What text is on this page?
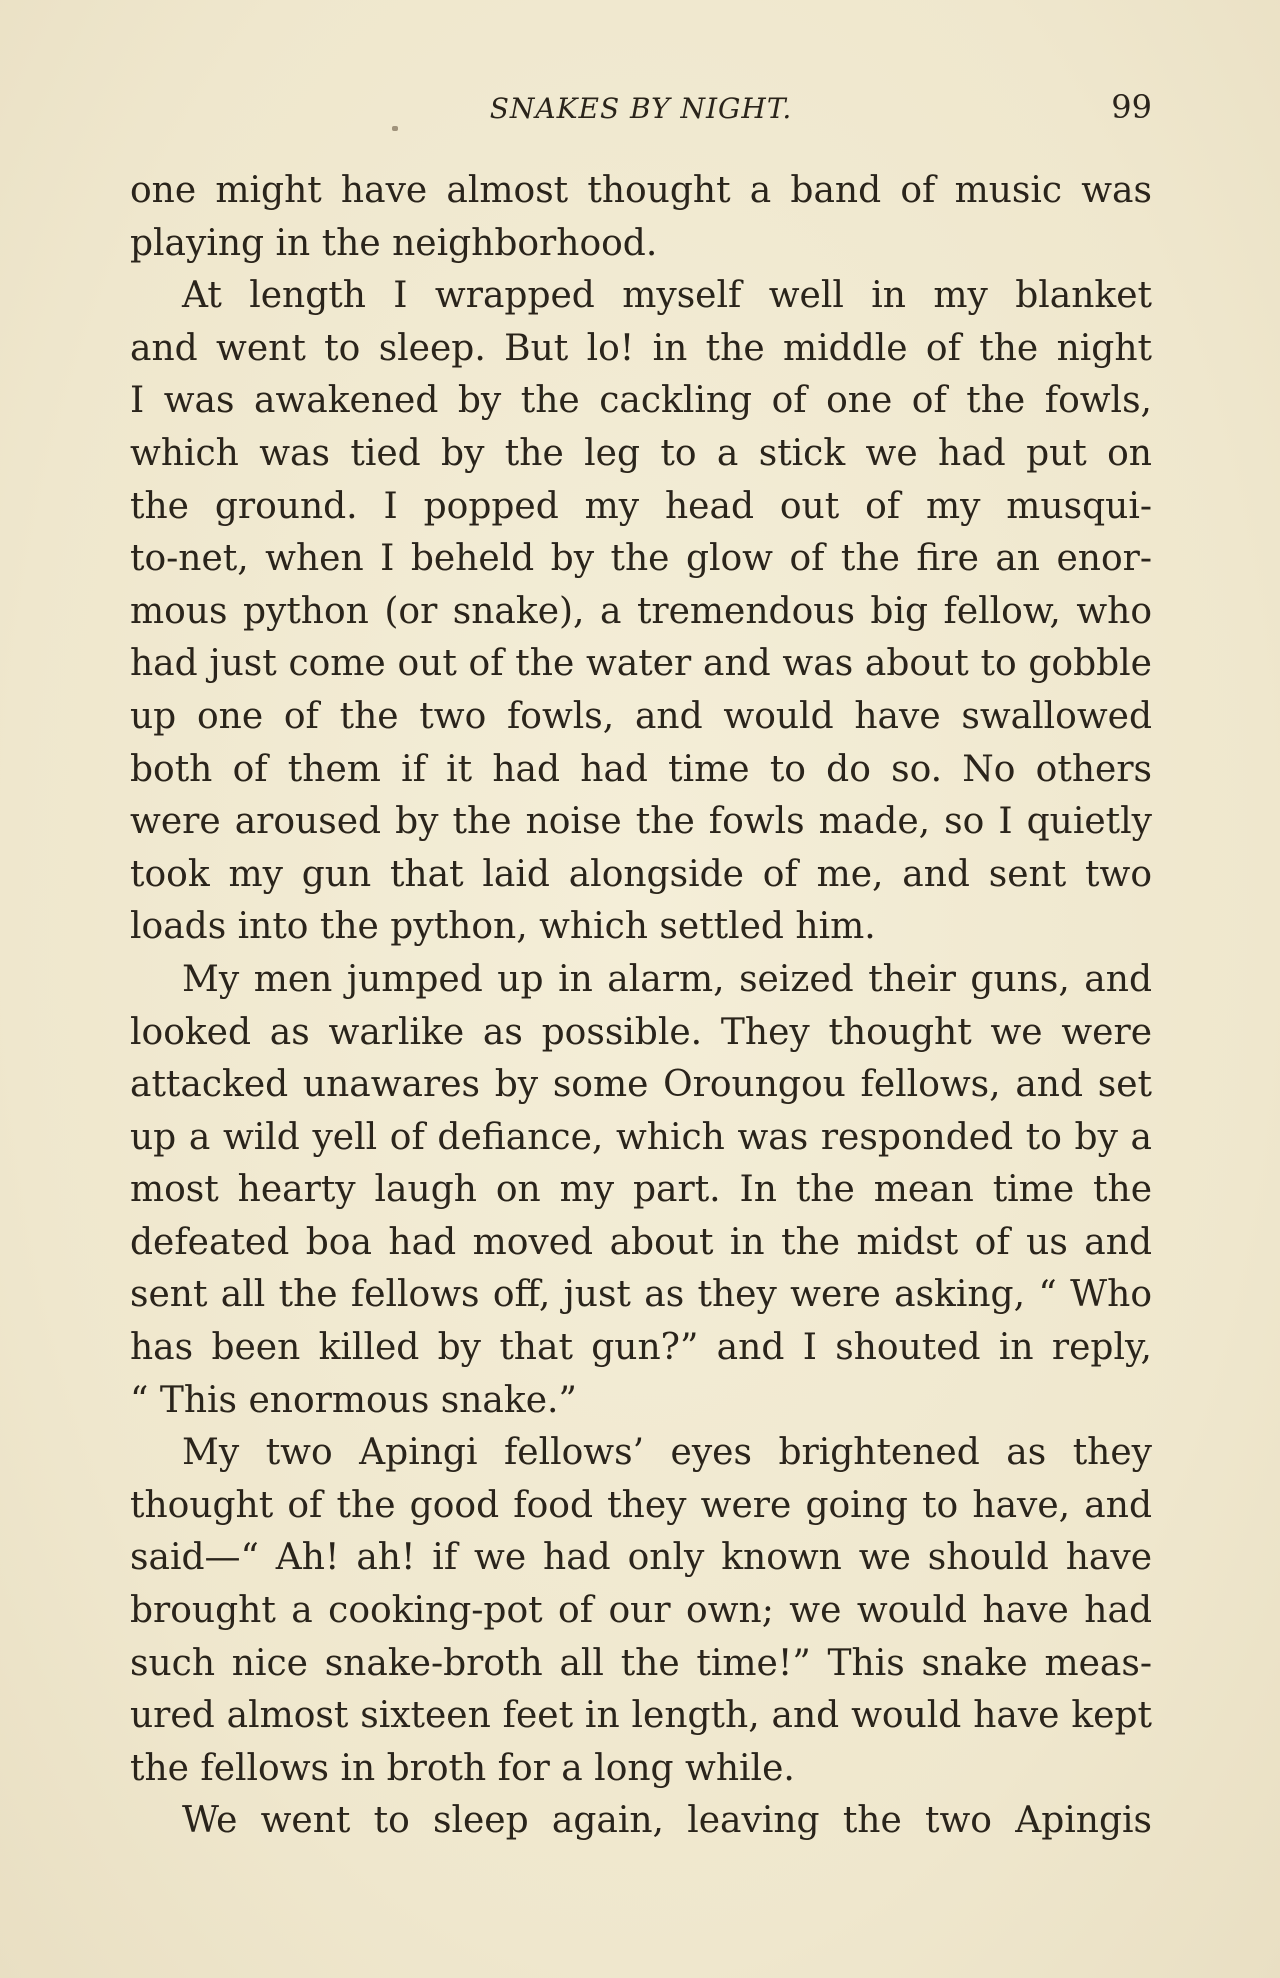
SNAKES BY NIGHT.	99
one might have almost thought a band of music was
playing in the neighborhood.
At length I wrapped myself well in my blanket
and went to sleep. But lo! in the middle of the night
I was awakened by the cackling of one of the fowls,
which was tied by the leg to a stick we had put on
the ground. I popped my head out of my musqui-
to-net, when I beheld by the glow of the fire an enor-
mous python (or snake), a tremendous big fellow, who
had just come out of the water and was about to gobble
up one of the two fowls, and would have swallowed
both of them if it had had time to do so. No others
were aroused by the noise the fowls made, so I quietly
took my gun that laid alongside of me, and sent two
loads into the python, which settled him.
My men jumped up in alarm, seized their guns, and
looked as warlike as possible. They thought we were
attacked unawares by some Oroungou fellows, and set
up a wild yell of defiance, which was responded to by a
most hearty laugh on my part. In the mean time the
defeated boa had moved about in the midst of us and
sent all the fellows off, just as they were asking, “ Who
has been killed by that gun?” and I shouted in reply,
“ This enormous snake.”
My two Apingi fellows’ eyes brightened as they
thought of the good food they were going to have, and
said—“ Ah! ah! if we had only known we should have
brought a cooking-pot of our own; we would have had
such nice snake-broth all the time!” This snake meas-
ured almost sixteen feet in length, and would have kept
the fellows in broth for a long while.
We went to sleep again, leaving the two Apingis
